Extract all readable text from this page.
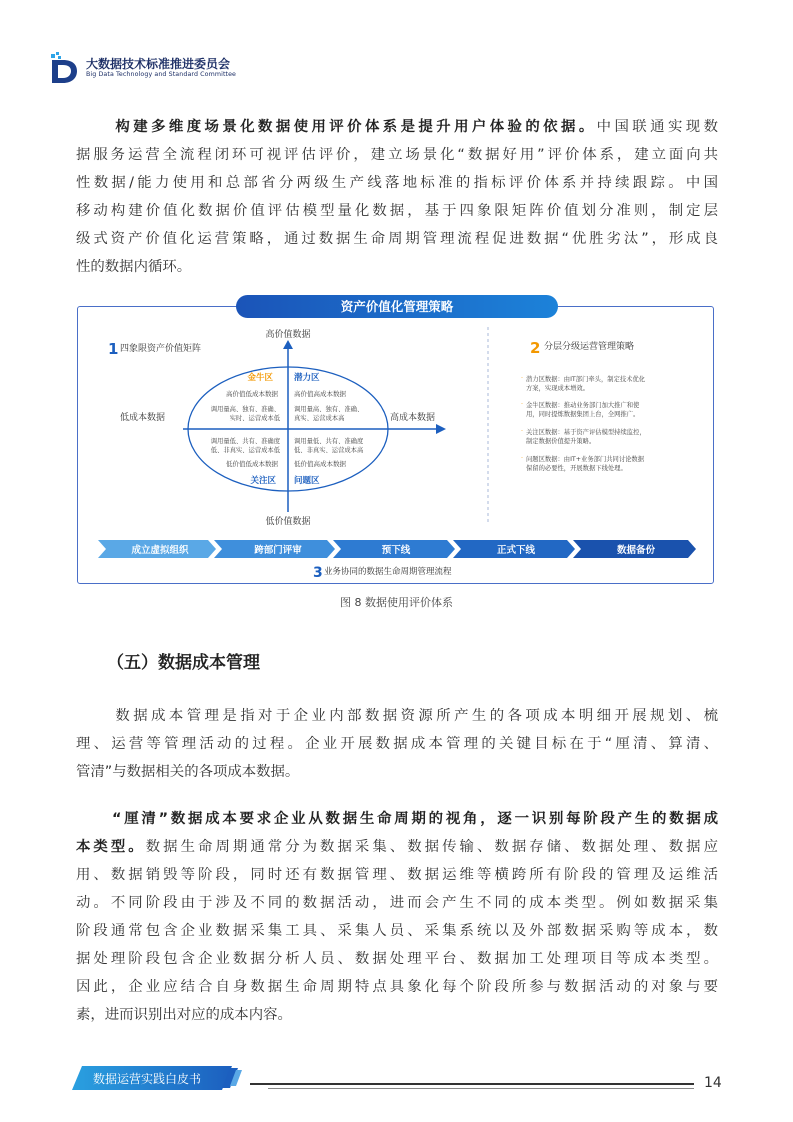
大数据技术标准推进委员会
Big Data Technology and Standard Committee
构建多维度场景化数据使用评价体系是提升用户体验的依据。中国联通实现数
据服务运营全流程闭环可视评估评价，建立场景化“数据好用”评价体系，建立面向共
性数据/能力使用和总部省分两级生产线落地标准的指标评价体系并持续跟踪。中国
移动构建价值化数据价值评估模型量化数据，基于四象限矩阵价值划分准则，制定层
级式资产价值化运营策略，通过数据生命周期管理流程促进数据“优胜劣汰”，形成良
性的数据内循环。
1 四象限资产价值矩阵
高价值数据
低价值数据
低成本数据	高成本数据
金牛区 潜力区
关注区 问题区
高价值低成本数据 高价值高成本数据
低价值低成本数据 低价值高成本数据
调用量高、独有、准确、
实时、运营成本低
调用量高、独有、准确、
真实、运营成本高
调用量低、共有、准确度
低、非真实、运营成本低
调用量低、共有、准确度
低、非真实、运营成本高
2 分层分级运营管理策略
· 潜力区数据：由IT部门牵头，制定技术优化
方案，实现成本增效。
· 金牛区数据：推动业务部门加大推广和使
用，同时提炼数据集团上台，全网推广。
· 关注区数据：基于资产评估模型持续监控，
制定数据价值提升策略。
· 问题区数据：由IT+业务部门共同讨论数据
保留的必要性，开展数据下线处理。
成立虚拟组织	跨部门评审	预下线	正式下线	数据备份
3 业务协同的数据生命周期管理流程
资产价值化管理策略
图 8 数据使用评价体系
（五）数据成本管理
数据成本管理是指对于企业内部数据资源所产生的各项成本明细开展规划、梳
理、运营等管理活动的过程。企业开展数据成本管理的关键目标在于“厘清、算清、
管清”与数据相关的各项成本数据。
“厘清”数据成本要求企业从数据生命周期的视角，逐一识别每阶段产生的数据成
本类型。数据生命周期通常分为数据采集、数据传输、数据存储、数据处理、数据应
用、数据销毁等阶段，同时还有数据管理、数据运维等横跨所有阶段的管理及运维活
动。不同阶段由于涉及不同的数据活动，进而会产生不同的成本类型。例如数据采集
阶段通常包含企业数据采集工具、采集人员、采集系统以及外部数据采购等成本，数
据处理阶段包含企业数据分析人员、数据处理平台、数据加工处理项目等成本类型。
因此，企业应结合自身数据生命周期特点具象化每个阶段所参与数据活动的对象与要
素，进而识别出对应的成本内容。
数据运营实践白皮书	14
